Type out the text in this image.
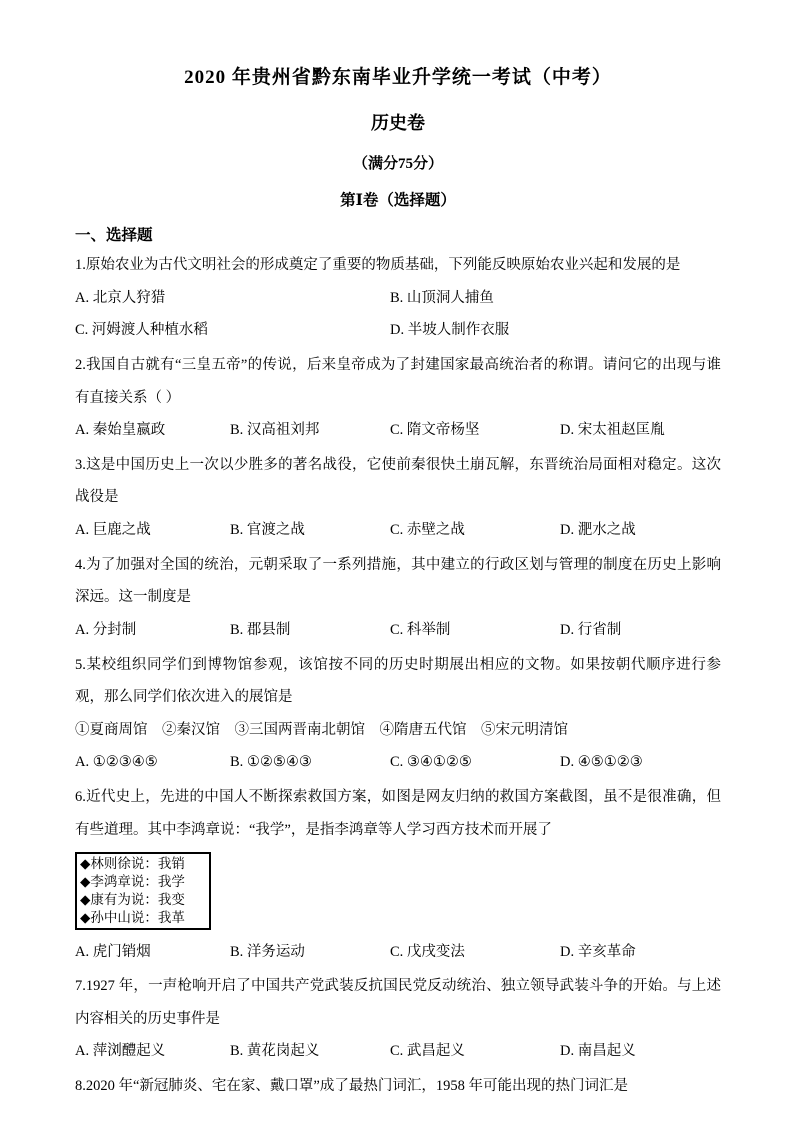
2020 年贵州省黔东南毕业升学统一考试（中考）
历史卷
（满分75分）
第Ⅰ卷（选择题）
一、选择题

1.原始农业为古代文明社会的形成奠定了重要的物质基础，下列能反映原始农业兴起和发展的是

A. 北京人狩猎	B. 山顶洞人捕鱼
C. 河姆渡人种植水稻	D. 半坡人制作衣服

2.我国自古就有“三皇五帝”的传说，后来皇帝成为了封建国家最高统治者的称谓。请问它的出现与谁有直接关系（ ）

A. 秦始皇嬴政	B. 汉高祖刘邦	C. 隋文帝杨坚	D. 宋太祖赵匡胤

3.这是中国历史上一次以少胜多的著名战役，它使前秦很快土崩瓦解，东晋统治局面相对稳定。这次战役是

A. 巨鹿之战	B. 官渡之战	C. 赤壁之战	D. 淝水之战

4.为了加强对全国的统治，元朝采取了一系列措施，其中建立的行政区划与管理的制度在历史上影响深远。这一制度是

A. 分封制	B. 郡县制	C. 科举制	D. 行省制

5.某校组织同学们到博物馆参观，该馆按不同的历史时期展出相应的文物。如果按朝代顺序进行参观，那么同学们依次进入的展馆是

①夏商周馆　②秦汉馆　③三国两晋南北朝馆　④隋唐五代馆　⑤宋元明清馆

A. ①②③④⑤	B. ①②⑤④③	C. ③④①②⑤	D. ④⑤①②③

6.近代史上，先进的中国人不断探索救国方案，如图是网友归纳的救国方案截图，虽不是很准确，但有些道理。其中李鸿章说：“我学”，是指李鸿章等人学习西方技术而开展了

◆林则徐说：我销
◆李鸿章说：我学
◆康有为说：我变
◆孙中山说：我革
A. 虎门销烟	B. 洋务运动	C. 戊戌变法	D. 辛亥革命

7.1927 年，一声枪响开启了中国共产党武装反抗国民党反动统治、独立领导武装斗争的开始。与上述内容相关的历史事件是

A. 萍浏醴起义	B. 黄花岗起义	C. 武昌起义	D. 南昌起义

8.2020 年“新冠肺炎、宅在家、戴口罩”成了最热门词汇，1958 年可能出现的热门词汇是
